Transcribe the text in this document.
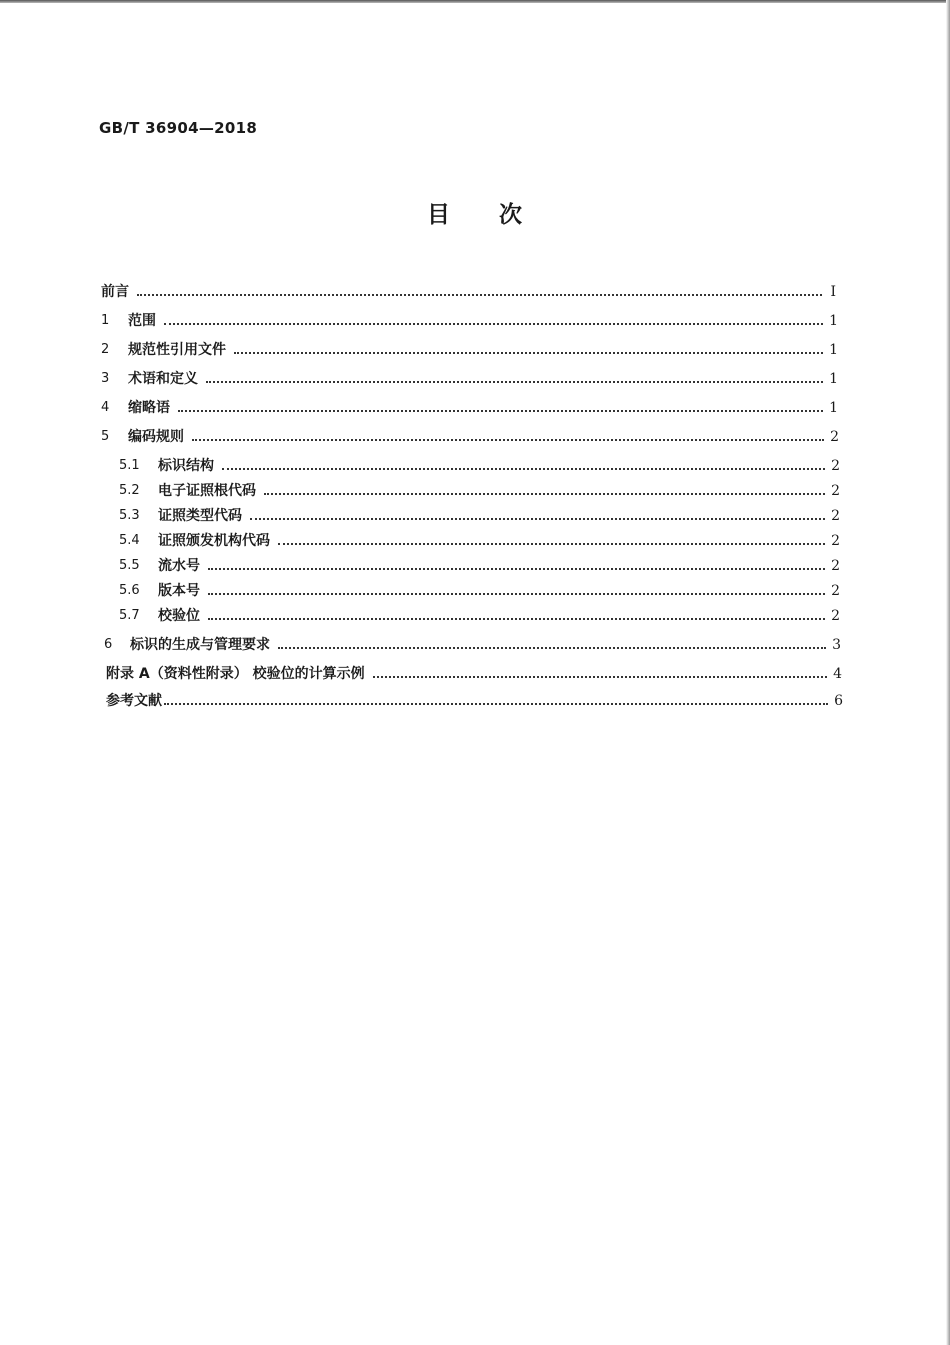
GB/T 36904—2018
目 次
前言	Ⅰ
1	范围	1
2	规范性引用文件	1
3	术语和定义	1
4	缩略语	1
5	编码规则	2
5.1	标识结构	2
5.2	电子证照根代码	2
5.3	证照类型代码	2
5.4	证照颁发机构代码	2
5.5	流水号	2
5.6	版本号	2
5.7	校验位	2
6	标识的生成与管理要求	3
附录 A（资料性附录） 校验位的计算示例	4
参考文献	6
